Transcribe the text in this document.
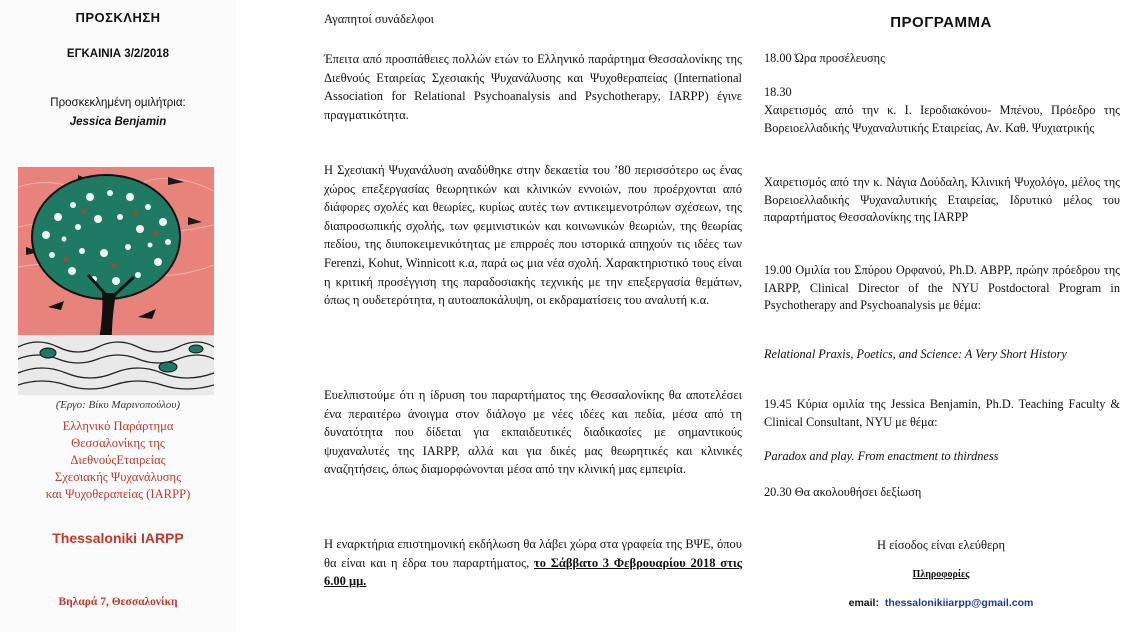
ΠΡΟΣΚΛΗΣΗ
ΕΓΚΑΙΝΙΑ 3/2/2018
Προσκεκλημένη ομιλήτρια:
Jessica Benjamin
(Έργο: Βίκυ Μαρινοπούλου)
Ελληνικό Παράρτημα
Θεσσαλονίκης της
ΔιεθνούςΕταιρείας
Σχεσιακής Ψυχανάλυσης
και Ψυχοθεραπείας (IARPP)
Thessaloniki IARPP
Βηλαρά 7, Θεσσαλονίκη
Αγαπητοί συνάδελφοι
Έπειτα από προσπάθειες πολλών ετών το Ελληνικό παράρτημα Θεσσαλονίκης της Διεθνούς Εταιρείας Σχεσιακής Ψυχανάλυσης και Ψυχοθεραπείας (International Association for Relational Psychoanalysis and Psychotherapy, IARPP) έγινε πραγματικότητα.
Η Σχεσιακή Ψυχανάλυση αναδύθηκε στην δεκαετία του ’80 περισσότερο ως ένας χώρος επεξεργασίας θεωρητικών και κλινικών εννοιών, που προέρχονται από διάφορες σχολές και θεωρίες, κυρίως αυτές των αντικειμενοτρόπων σχέσεων, της διαπροσωπικής σχολής, των φεμινιστικών και κοινωνικών θεωριών, της θεωρίας πεδίου, της διυποκειμενικότητας με επιρροές που ιστορικά απηχούν τις ιδέες των Ferenzi, Kohut, Winnicott κ.α, παρά ως μια νέα σχολή. Χαρακτηριστικό τους είναι η κριτική προσέγγιση της παραδοσιακής τεχνικής με την επεξεργασία θεμάτων, όπως η ουδετερότητα, η αυτοαποκάλυψη, οι εκδραματίσεις του αναλυτή κ.α.
Ευελπιστούμε ότι η ίδρυση του παραρτήματος της Θεσσαλονίκης θα αποτελέσει ένα περαιτέρω άνοιγμα στον διάλογο με νέες ιδέες και πεδία, μέσα από τη δυνατότητα που δίδεται για εκπαιδευτικές διαδικασίες με σημαντικούς ψυχαναλυτές της IARPP, αλλά και για δικές μας θεωρητικές και κλινικές αναζητήσεις, όπως διαμορφώνονται μέσα από την κλινική μας εμπειρία.
Η εναρκτήρια επιστημονική εκδήλωση θα λάβει χώρα στα γραφεία της ΒΨΕ, όπου θα είναι και η έδρα του παραρτήματος, το Σάββατο 3 Φεβρουαρίου 2018 στις 6.00 μμ.
ΠΡΟΓΡΑΜΜΑ
18.00 Ώρα προσέλευσης
18.30
Χαιρετισμός από την κ. Ι. Ιεροδιακόνου- Μπένου, Πρόεδρο της Βορειοελλαδικής Ψυχαναλυτικής Εταιρείας, Αν. Καθ. Ψυχιατρικής
Χαιρετισμός από την κ. Νάγια Δούδαλη, Κλινική Ψυχολόγο, μέλος της Βορειοελλαδικής Ψυχαναλυτικής Εταιρείας, Ιδρυτικό μέλος του παραρτήματος Θεσσαλονίκης της IARPP
19.00 Ομιλία του Σπύρου Ορφανού, Ph.D. ABPP, πρώην πρόεδρου της IARPP, Clinical Director of the NYU Postdoctoral Program in Psychotherapy and Psychoanalysis με θέμα:
Relational Praxis, Poetics, and Science: A Very Short History
19.45 Κύρια ομιλία της Jessica Benjamin, Ph.D. Teaching Faculty & Clinical Consultant, NYU με θέμα:
Paradox and play. From enactment to thirdness
20.30 Θα ακολουθήσει δεξίωση
Η είσοδος είναι ελεύθερη
Πληροφορίες
email: thessalonikiiarpp@gmail.com
